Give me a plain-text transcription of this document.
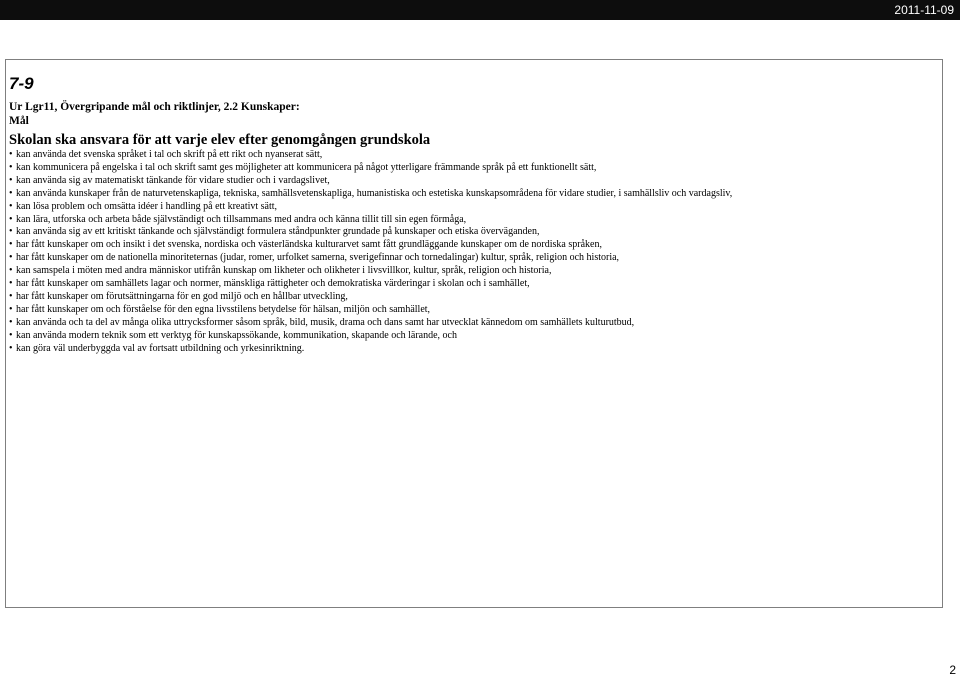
2011-11-09
7-9
Ur Lgr11, Övergripande mål och riktlinjer, 2.2 Kunskaper:
Mål
Skolan ska ansvara för att varje elev efter genomgången grundskola
• kan använda det svenska språket i tal och skrift på ett rikt och nyanserat sätt,
• kan kommunicera på engelska i tal och skrift samt ges möjligheter att kommunicera på något ytterligare främmande språk på ett funktionellt sätt,
• kan använda sig av matematiskt tänkande för vidare studier och i vardagslivet,
• kan använda kunskaper från de naturvetenskapliga, tekniska, samhällsvetenskapliga, humanistiska och estetiska kunskapsområdena för vidare studier, i samhällsliv och vardagsliv,
• kan lösa problem och omsätta idéer i handling på ett kreativt sätt,
• kan lära, utforska och arbeta både självständigt och tillsammans med andra och känna tillit till sin egen förmåga,
• kan använda sig av ett kritiskt tänkande och självständigt formulera ståndpunkter grundade på kunskaper och etiska överväganden,
• har fått kunskaper om och insikt i det svenska, nordiska och västerländska kulturarvet samt fått grundläggande kunskaper om de nordiska språken,
• har fått kunskaper om de nationella minoriteternas (judar, romer, urfolket samerna, sverigefinnar och tornedalingar) kultur, språk, religion och historia,
• kan samspela i möten med andra människor utifrån kunskap om likheter och olikheter i livsvillkor, kultur, språk, religion och historia,
• har fått kunskaper om samhällets lagar och normer, mänskliga rättigheter och demokratiska värderingar i skolan och i samhället,
• har fått kunskaper om förutsättningarna för en god miljö och en hållbar utveckling,
• har fått kunskaper om och förståelse för den egna livsstilens betydelse för hälsan, miljön och samhället,
• kan använda och ta del av många olika uttrycksformer såsom språk, bild, musik, drama och dans samt har utvecklat kännedom om samhällets kulturutbud,
• kan använda modern teknik som ett verktyg för kunskapssökande, kommunikation, skapande och lärande, och
• kan göra väl underbyggda val av fortsatt utbildning och yrkesinriktning.
2
